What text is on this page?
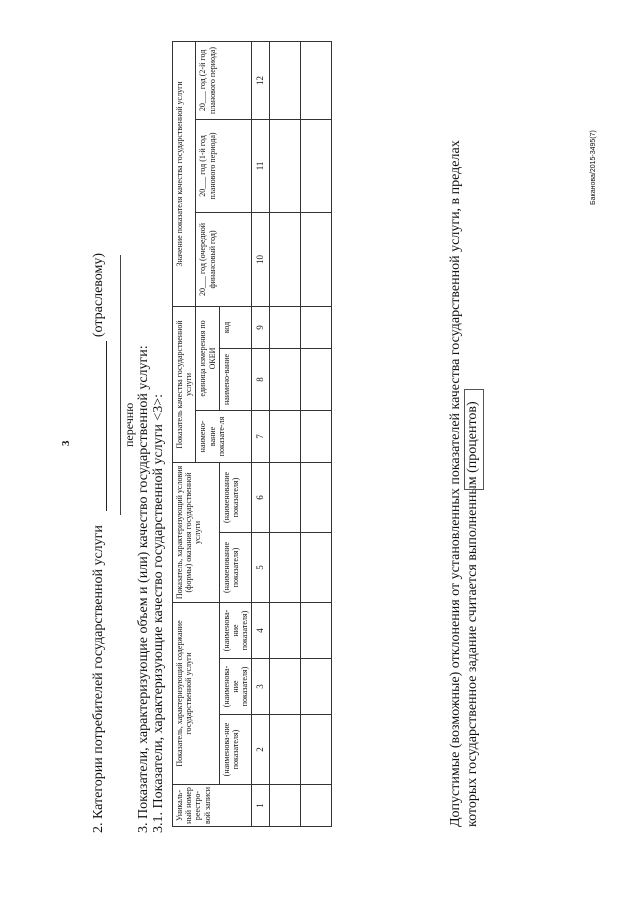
3
2. Категории потребителей государственной услуги(отраслевому)
перечню 3. Показатели, характеризующие объем и (или) качество государственной услуги: 3.1. Показатели, характеризующие качество государственной услуги <3>: Уникаль-ный номер реестро-вой записи	Показатель, характеризующий содержание государственной услуги			Показатель, характеризующий условия (формы) оказания государственной услуги		Показатель качества государственной услуги			Значение показателя качества государственной услуги		
						наимено-вание показате-ля	единица измерения по ОКЕИ		20___ год (очередной финансовый год)	20___ год (1-й год планового периода)	20___ год (2-й год планового периода)
	(наименова-ние показателя)	(наименова-ние показателя)	(наименова-ние показателя)	(наименование показателя)	(наименование показателя)		наимено-вание	код			
1	2	3	4	5	6	7	8	9	10	11	12

Допустимые (возможные) отклонения от установленных показателей качества государственной услуги, в пределах которых государственное задание считается выполненным (процентов)
Баканова/2015-3495(7)
